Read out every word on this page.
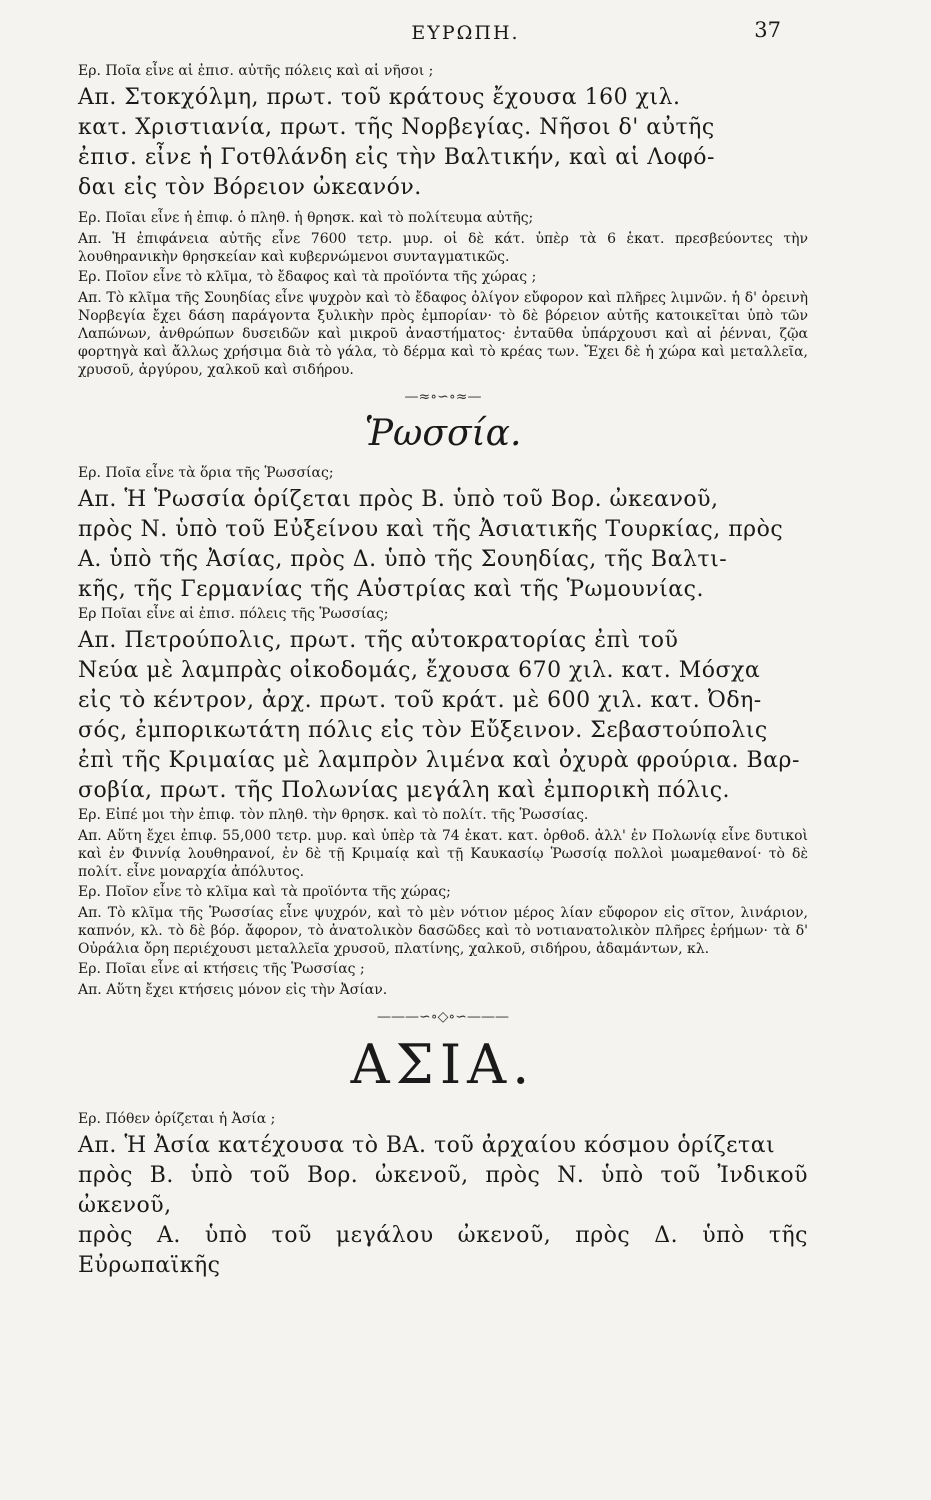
ΕΥΡΩΠΗ.	37

Ερ. Ποῖα εἶνε αἱ ἐπισ. αὐτῆς πόλεις καὶ αἱ νῆσοι ;

Απ. Στοκχόλμη, πρωτ. τοῦ κράτους ἔχουσα 160 χιλ.

κατ. Χριστιανία, πρωτ. τῆς Νορβεγίας. Νῆσοι δ' αὐτῆς

ἐπισ. εἶνε ἡ Γοτθλάνδη εἰς τὴν Βαλτικήν, καὶ αἱ Λοφό-

δαι εἰς τὸν Βόρειον ὠκεανόν.

Ερ. Ποῖαι εἶνε ἡ ἐπιφ. ὁ πληθ. ἡ θρησκ. καὶ τὸ πολίτευμα αὐτῆς;

Απ. Ἡ ἐπιφάνεια αὐτῆς εἶνε 7600 τετρ. μυρ. οἱ δὲ κάτ. ὑπὲρ τὰ 6 ἑκατ. πρεσβεύοντες τὴν λουθηρανικὴν θρησκείαν καὶ κυβερνώμενοι συνταγματικῶς.

Ερ. Ποῖον εἶνε τὸ κλῖμα, τὸ ἔδαφος καὶ τὰ προϊόντα τῆς χώρας ;

Απ. Τὸ κλῖμα τῆς Σουηδίας εἶνε ψυχρὸν καὶ τὸ ἔδαφος ὀλίγον εὔφορον καὶ πλῆρες λιμνῶν. ἡ δ' ὀρεινὴ Νορβεγία ἔχει δάση παράγοντα ξυλικὴν πρὸς ἐμπορίαν· τὸ δὲ βόρειον αὐτῆς κατοικεῖται ὑπὸ τῶν Λαπώνων, ἀνθρώπων δυσειδῶν καὶ μικροῦ ἀναστήματος· ἐνταῦθα ὑπάρχουσι καὶ αἱ ῥένναι, ζῷα φορτηγὰ καὶ ἄλλως χρήσιμα διὰ τὸ γάλα, τὸ δέρμα καὶ τὸ κρέας των. Ἔχει δὲ ἡ χώρα καὶ μεταλλεῖα, χρυσοῦ, ἀργύρου, χαλκοῦ καὶ σιδήρου.

—≈∘∽∘≈—
Ῥωσσία.

Ερ. Ποῖα εἶνε τὰ ὅρια τῆς Ῥωσσίας;

Απ. Ἡ Ῥωσσία ὁρίζεται πρὸς Β. ὑπὸ τοῦ Βορ. ὠκεανοῦ,

πρὸς Ν. ὑπὸ τοῦ Εὐξείνου καὶ τῆς Ἀσιατικῆς Τουρκίας, πρὸς

Α. ὑπὸ τῆς Ἀσίας, πρὸς Δ. ὑπὸ τῆς Σουηδίας, τῆς Βαλτι-

κῆς, τῆς Γερμανίας τῆς Αὐστρίας καὶ τῆς Ῥωμουνίας.

Ερ Ποῖαι εἶνε αἱ ἐπισ. πόλεις τῆς Ῥωσσίας;

Απ. Πετρούπολις, πρωτ. τῆς αὐτοκρατορίας ἐπὶ τοῦ

Νεύα μὲ λαμπρὰς οἰκοδομάς, ἔχουσα 670 χιλ. κατ. Μόσχα

εἰς τὸ κέντρον, ἀρχ. πρωτ. τοῦ κράτ. μὲ 600 χιλ. κατ. Ὀδη-

σός, ἐμπορικωτάτη πόλις εἰς τὸν Εὔξεινον. Σεβαστούπολις

ἐπὶ τῆς Κριμαίας μὲ λαμπρὸν λιμένα καὶ ὀχυρὰ φρούρια. Βαρ-

σοβία, πρωτ. τῆς Πολωνίας μεγάλη καὶ ἐμπορικὴ πόλις.

Ερ. Εἰπέ μοι τὴν ἐπιφ. τὸν πληθ. τὴν θρησκ. καὶ τὸ πολίτ. τῆς Ῥωσσίας.

Απ. Αὕτη ἔχει ἐπιφ. 55,000 τετρ. μυρ. καὶ ὑπὲρ τὰ 74 ἑκατ. κατ. ὀρθοδ. ἀλλ' ἐν Πολωνίᾳ εἶνε δυτικοὶ καὶ ἐν Φιννίᾳ λουθηρανοί, ἐν δὲ τῇ Κριμαίᾳ καὶ τῇ Καυκασίῳ Ῥωσσίᾳ πολλοὶ μωαμεθανοί· τὸ δὲ πολίτ. εἶνε μοναρχία ἀπόλυτος.

Ερ. Ποῖον εἶνε τὸ κλῖμα καὶ τὰ προϊόντα τῆς χώρας;

Απ. Τὸ κλῖμα τῆς Ῥωσσίας εἶνε ψυχρόν, καὶ τὸ μὲν νότιον μέρος λίαν εὔφορον εἰς σῖτον, λινάριον, καπνόν, κλ. τὸ δὲ βόρ. ἄφορον, τὸ ἀνατολικὸν δασῶδες καὶ τὸ νοτιανατολικὸν πλῆρες ἐρήμων· τὰ δ' Οὐράλια ὄρη περιέχουσι μεταλλεῖα χρυσοῦ, πλατίνης, χαλκοῦ, σιδήρου, ἀδαμάντων, κλ.

Ερ. Ποῖαι εἶνε αἱ κτήσεις τῆς Ῥωσσίας ;

Απ. Αὕτη ἔχει κτήσεις μόνον εἰς τὴν Ἀσίαν.

———∽∘◇∘∽———
ΑΣΙΑ.

Ερ. Πόθεν ὁρίζεται ἡ Ἀσία ;

Απ. Ἡ Ἀσία κατέχουσα τὸ ΒΑ. τοῦ ἀρχαίου κόσμου ὁρίζεται

πρὸς Β. ὑπὸ τοῦ Βορ. ὠκενοῦ, πρὸς Ν. ὑπὸ τοῦ Ἰνδικοῦ ὠκενοῦ,

πρὸς Α. ὑπὸ τοῦ μεγάλου ὠκενοῦ, πρὸς Δ. ὑπὸ τῆς Εὐρωπαϊκῆς
